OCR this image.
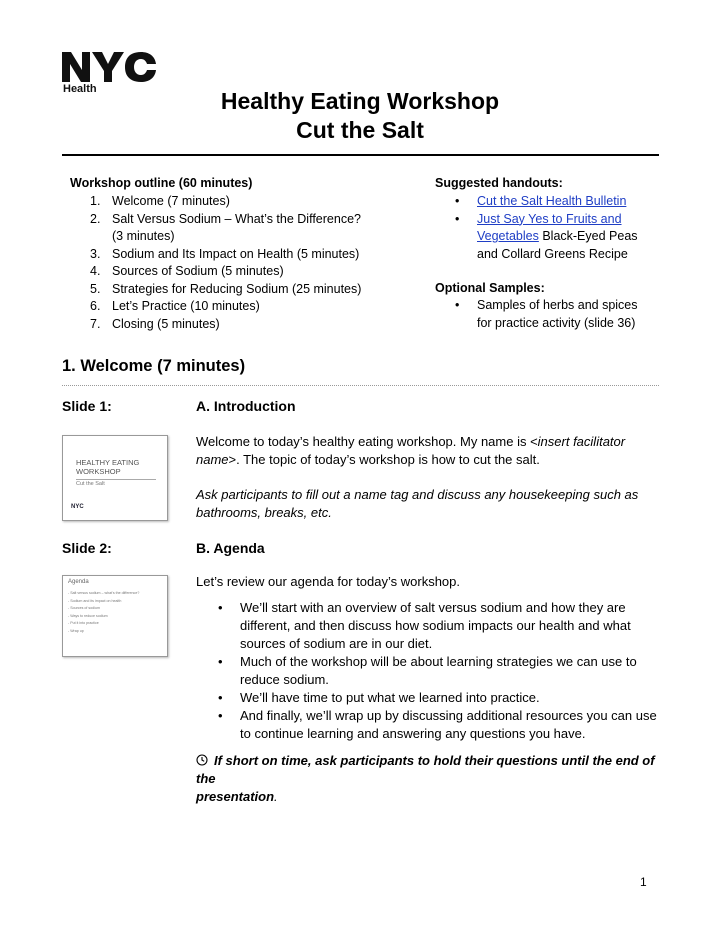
Health	Healthy Eating Workshop
Cut the Salt
Workshop outline (60 minutes)
1. Welcome (7 minutes)
2. Salt Versus Sodium – What’s the Difference?
(3 minutes)
3. Sodium and Its Impact on Health (5 minutes)
4. Sources of Sodium (5 minutes)
5. Strategies for Reducing Sodium (25 minutes)
6. Let’s Practice (10 minutes)
7. Closing (5 minutes)
Suggested handouts:
•	Cut the Salt Health Bulletin
•	Just Say Yes to Fruits and
Vegetables Black-Eyed Peas
and Collard Greens Recipe
Optional Samples:
•	Samples of herbs and spices
for practice activity (slide 36)
1. Welcome (7 minutes)
Slide 1:	A. Introduction
HEALTHY EATING
WORKSHOP
Cut the Salt
NYC
Welcome to today’s healthy eating workshop. My name is <insert facilitator
name>. The topic of today’s workshop is how to cut the salt.
Ask participants to fill out a name tag and discuss any housekeeping such as
bathrooms, breaks, etc.
Slide 2:	B. Agenda
Agenda
- Salt versus sodium – what's the difference?
- Sodium and its impact on health
- Sources of sodium
- Ways to reduce sodium
- Put it into practice
- Wrap up
Let’s review our agenda for today’s workshop.
•	We’ll start with an overview of salt versus sodium and how they are
different, and then discuss how sodium impacts our health and what
sources of sodium are in our diet.
•	Much of the workshop will be about learning strategies we can use to
reduce sodium.
•	We’ll have time to put what we learned into practice.
•	And finally, we’ll wrap up by discussing additional resources you can use
to continue learning and answering any questions you have.
If short on time, ask participants to hold their questions until the end of the
presentation.
1
